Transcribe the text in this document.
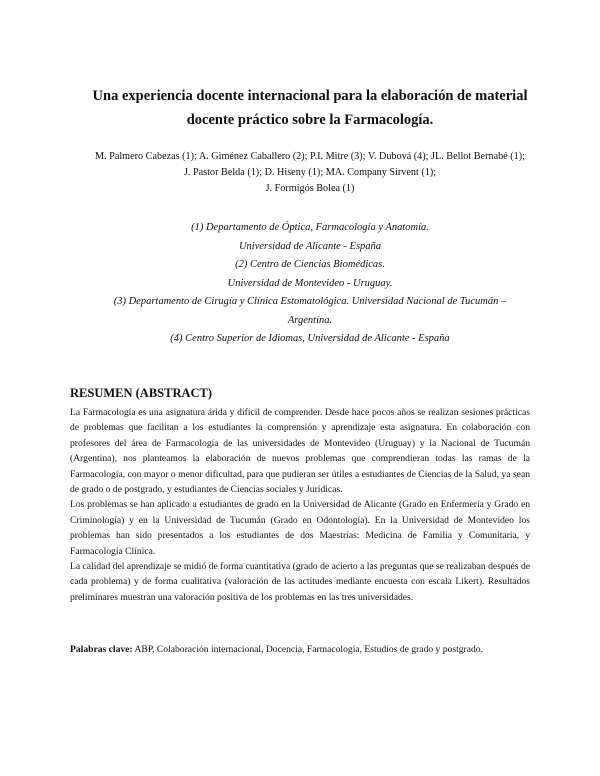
Una experiencia docente internacional para la elaboración de material
docente práctico sobre la Farmacología.
M. Palmero Cabezas (1); A. Giménez Caballero (2); P.I. Mitre (3); V. Dubová (4); JL. Bellot Bernabé (1);
J. Pastor Belda (1); D. Hiseny (1); MA. Company Sirvent (1);
J. Formigós Bolea (1)
(1) Departamento de Óptica, Farmacología y Anatomía.
Universidad de Alicante - España
(2) Centro de Ciencias Biomédicas.
Universidad de Montevideo - Uruguay.
(3) Departamento de Cirugía y Clínica Estomatológica. Universidad Nacional de Tucumán –
Argentina.
(4) Centro Superior de Idiomas, Universidad de Alicante - España
RESUMEN (ABSTRACT)

La Farmacología es una asignatura árida y difícil de comprender. Desde hace pocos años se realizan sesiones prácticas de problemas que facilitan a los estudiantes la comprensión y aprendizaje esta asignatura. En colaboración con profesores del área de Farmacología de las universidades de Montevideo (Uruguay) y la Nacional de Tucumán (Argentina), nos planteamos la elaboración de nuevos problemas que comprendieran todas las ramas de la Farmacología, con mayor o menor dificultad, para que pudieran ser útiles a estudiantes de Ciencias de la Salud, ya sean de grado o de postgrado, y estudiantes de Ciencias sociales y Jurídicas.

Los problemas se han aplicado a estudiantes de grado en la Universidad de Alicante (Grado en Enfermería y Grado en Criminología) y en la Universidad de Tucumán (Grado en Odontología). En la Universidad de Montevideo los problemas han sido presentados a los estudiantes de dos Maestrías: Medicina de Familia y Comunitaria, y Farmacología Clínica.

La calidad del aprendizaje se midió de forma cuantitativa (grado de acierto a las preguntas que se realizaban después de cada problema) y de forma cualitativa (valoración de las actitudes mediante encuesta con escala Likert). Resultados preliminares muestran una valoración positiva de los problemas en las tres universidades.

Palabras clave: ABP, Colaboración internacional, Docencia, Farmacología, Estudios de grado y postgrado.
